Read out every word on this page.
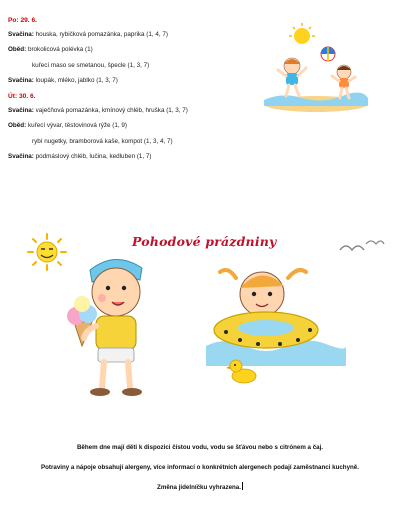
Po: 29. 6.
Svačina: houska, rybičková pomazánka, paprika (1, 4, 7)
Oběd: brokolicová polévka (1)
kuřecí maso se smetanou, špecle (1, 3, 7)
Svačina: loupák, mléko, jablko (1, 3, 7)
Út: 30. 6.
Svačina: vaječňová pomazánka, kmínový chléb, hruška (1, 3, 7)
Oběd: kuřecí vývar, těstovinová rýže (1, 9)
rybí nugetky, bramborová kaše, kompot (1, 3, 4, 7)
Svačina: podmáslový chléb, lučina, kedluben (1, 7)
Pohodové prázdniny
Během dne mají děti k dispozici čistou vodu, vodu se šťávou nebo s citrónem a čaj.
Potraviny a nápoje obsahují alergeny, více informací o konkrétních alergenech podají zaměstnanci kuchyně.
Změna jídelníčku vyhrazena.
